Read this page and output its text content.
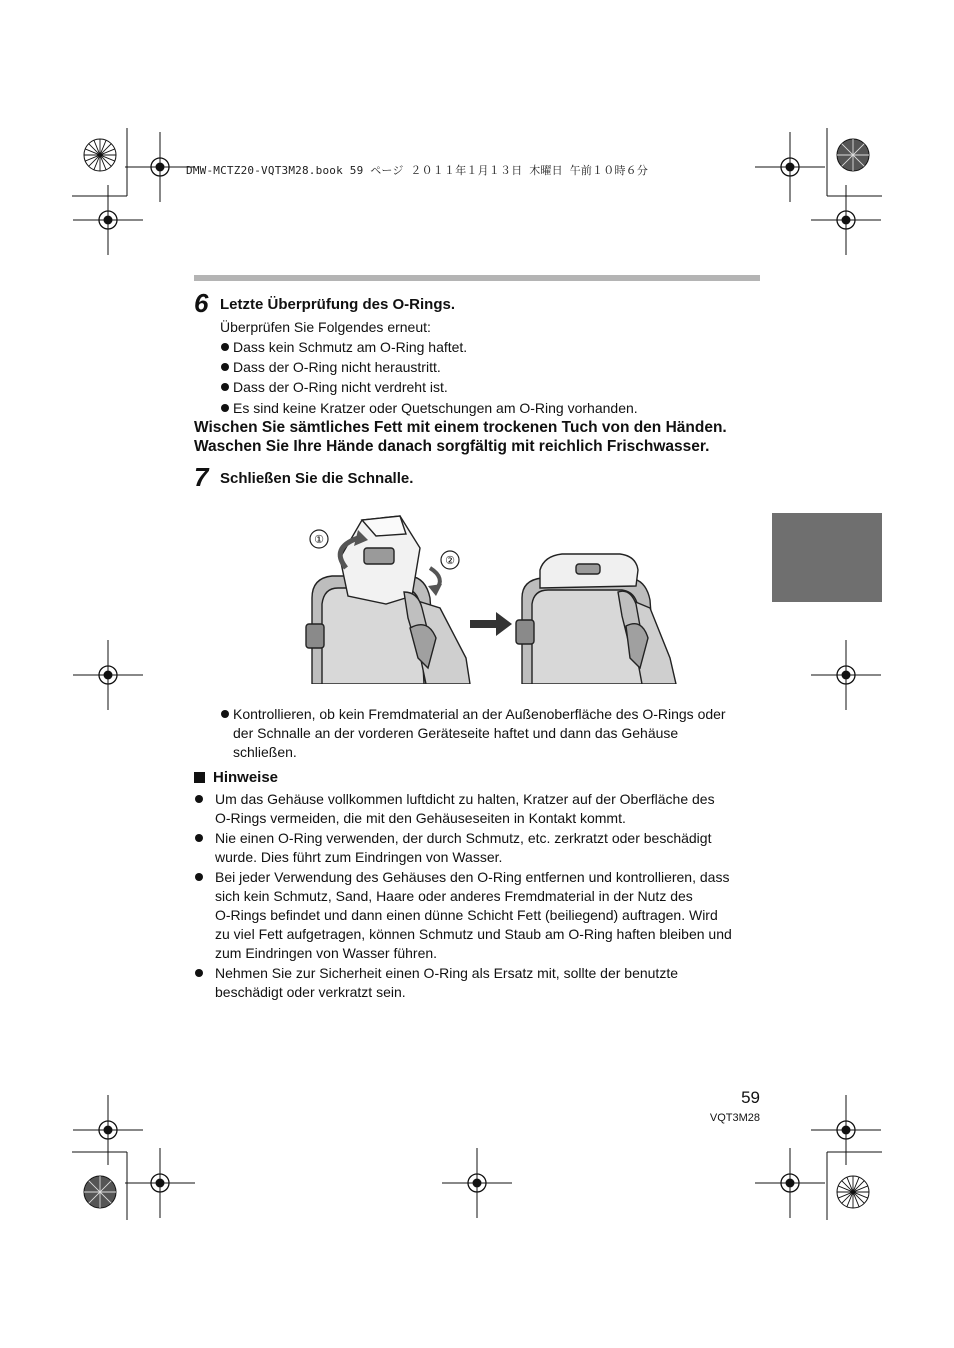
DMW-MCTZ20-VQT3M28.book 59 ページ ２０１１年１月１３日 木曜日 午前１０時６分
6 Letzte Überprüfung des O-Rings.
Überprüfen Sie Folgendes erneut:
Dass kein Schmutz am O-Ring haftet.
Dass der O-Ring nicht heraustritt.
Dass der O-Ring nicht verdreht ist.
Es sind keine Kratzer oder Quetschungen am O-Ring vorhanden.
Wischen Sie sämtliches Fett mit einem trockenen Tuch von den Händen.
Waschen Sie Ihre Hände danach sorgfältig mit reichlich Frischwasser.
7 Schließen Sie die Schnalle.
①
②
Kontrollieren, ob kein Fremdmaterial an der Außenoberfläche des O-Rings oder
der Schnalle an der vorderen Geräteseite haftet und dann das Gehäuse
schließen.
Hinweise
Um das Gehäuse vollkommen luftdicht zu halten, Kratzer auf der Oberfläche des
O-Rings vermeiden, die mit den Gehäuseseiten in Kontakt kommt.
Nie einen O-Ring verwenden, der durch Schmutz, etc. zerkratzt oder beschädigt
wurde. Dies führt zum Eindringen von Wasser.
Bei jeder Verwendung des Gehäuses den O-Ring entfernen und kontrollieren, dass
sich kein Schmutz, Sand, Haare oder anderes Fremdmaterial in der Nutz des
O-Rings befindet und dann einen dünne Schicht Fett (beiliegend) auftragen. Wird
zu viel Fett aufgetragen, können Schmutz und Staub am O-Ring haften bleiben und
zum Eindringen von Wasser führen.
Nehmen Sie zur Sicherheit einen O-Ring als Ersatz mit, sollte der benutzte
beschädigt oder verkratzt sein.
59
VQT3M28
